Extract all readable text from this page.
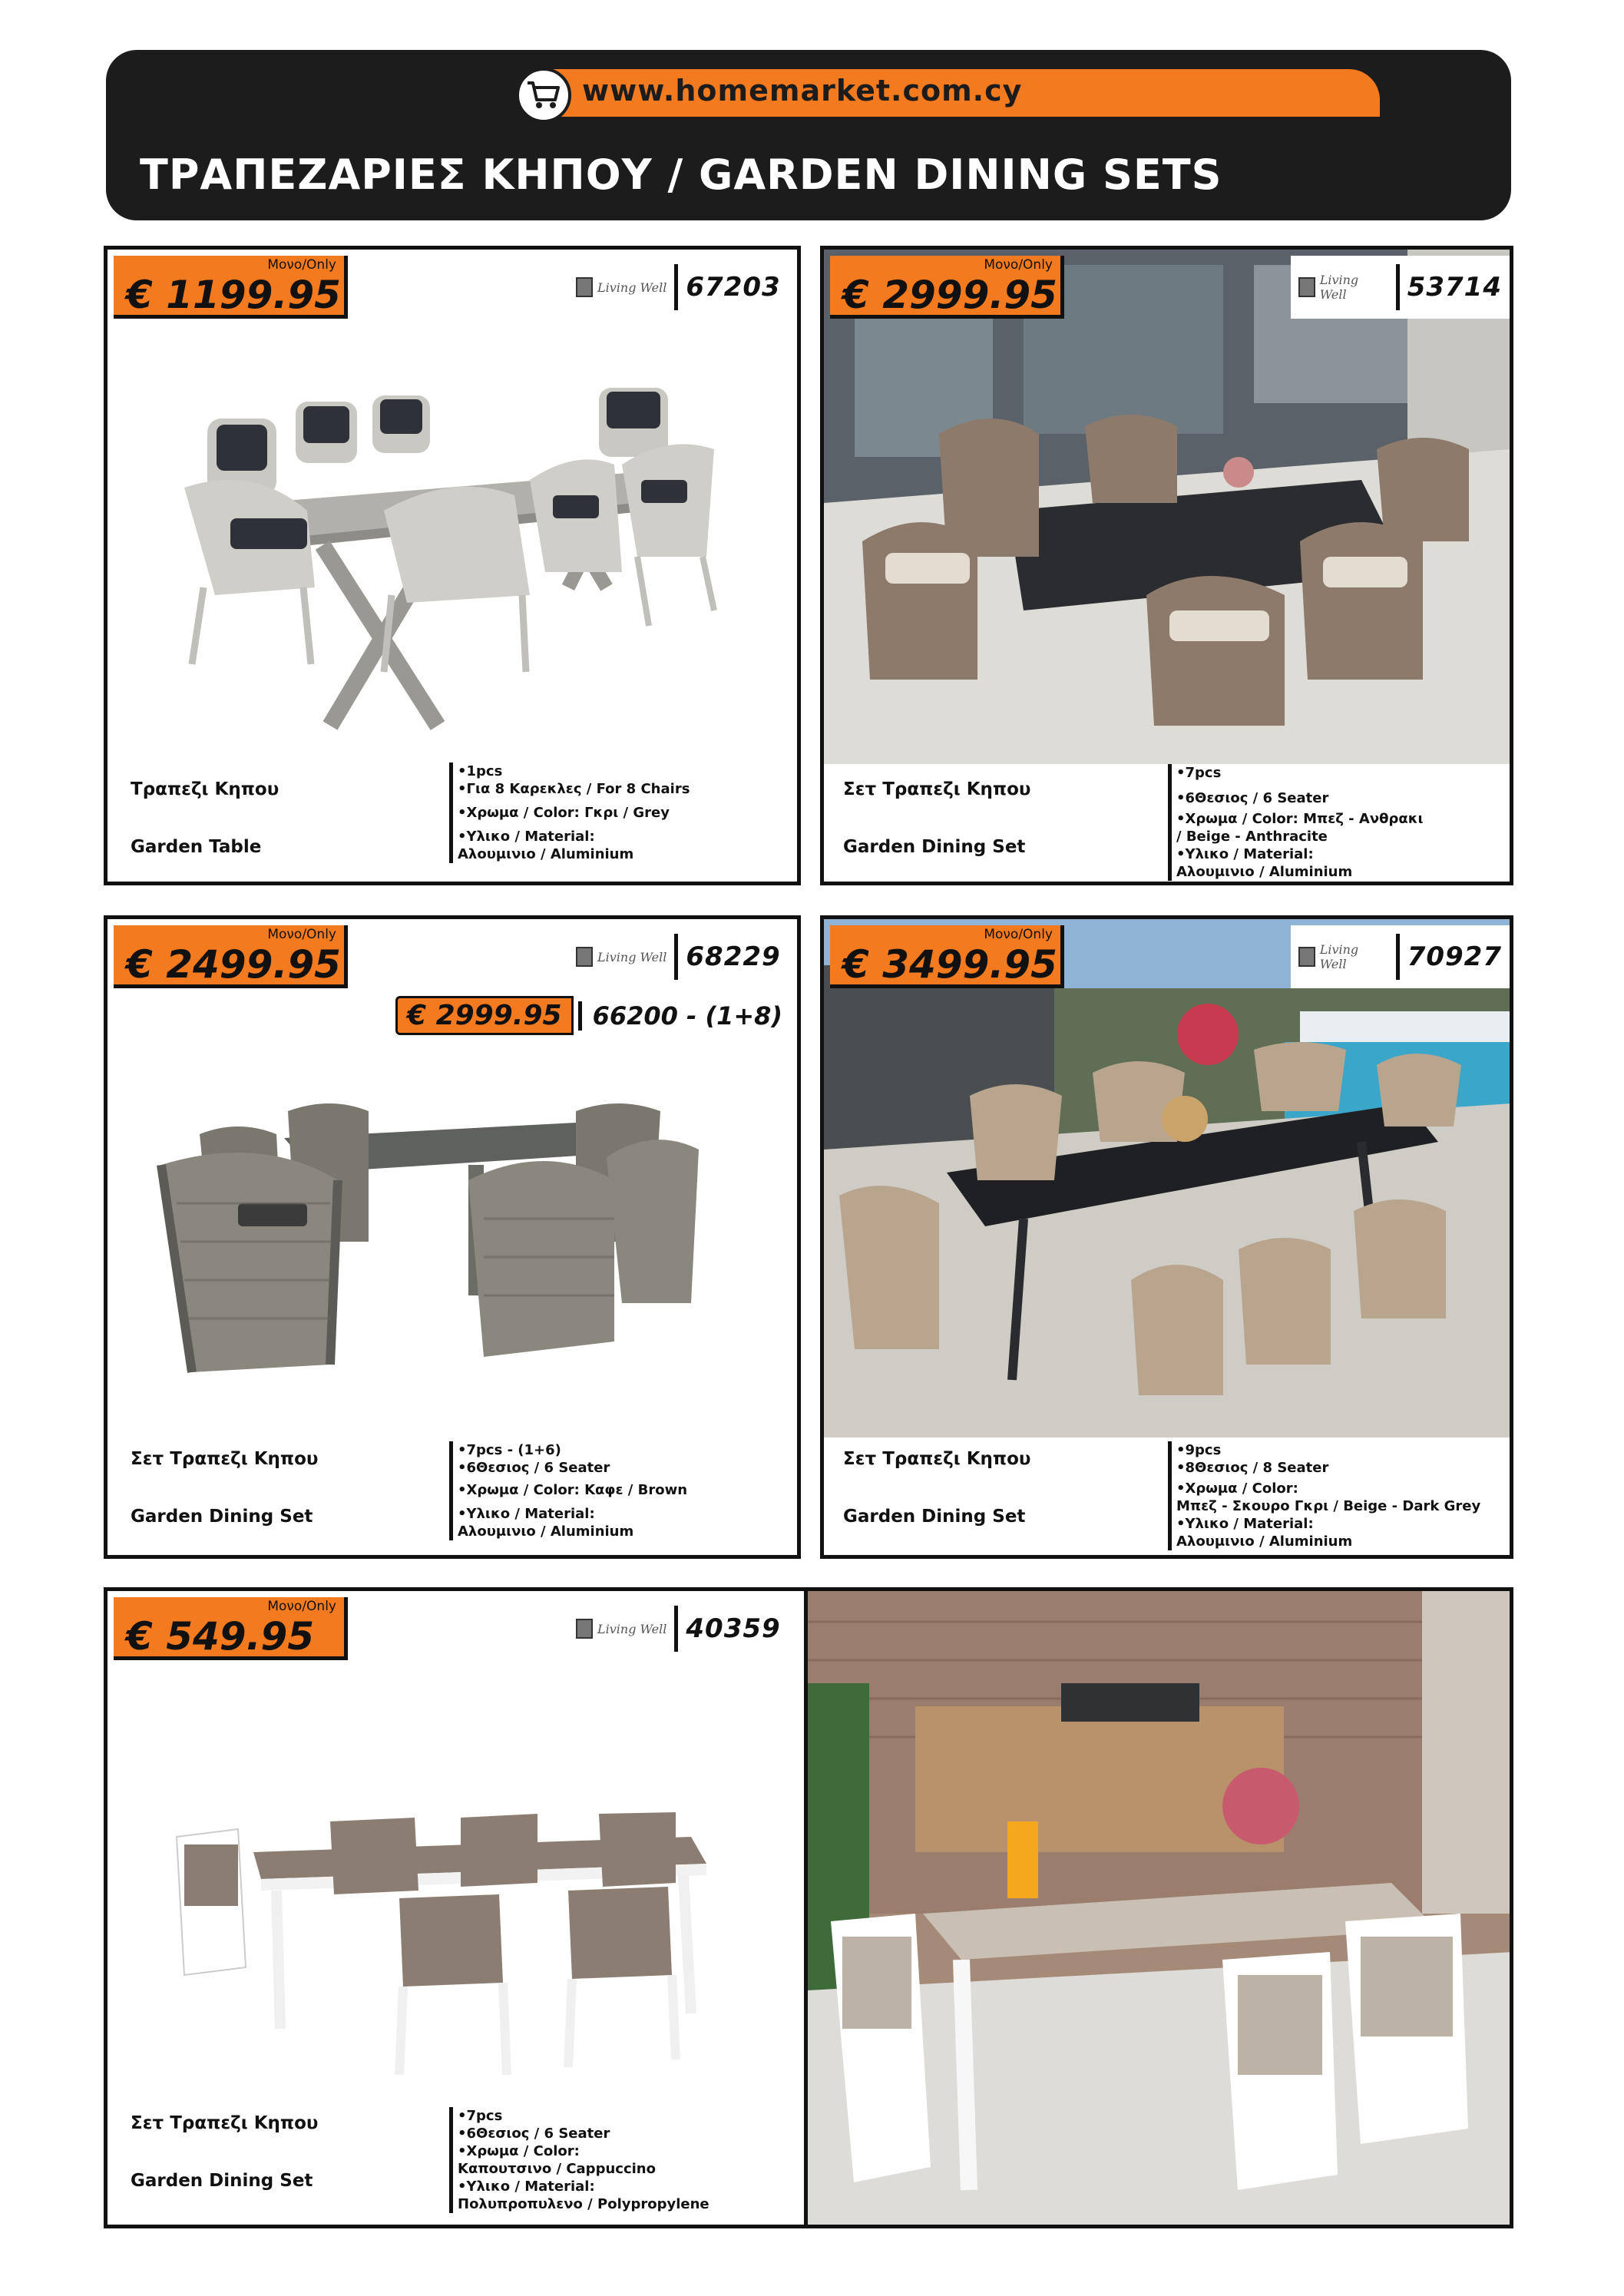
www.homemarket.com.cy
ΤΡΑΠΕΖΑΡΙΕΣ ΚΗΠΟΥ / GARDEN DINING SETS
Μονο/Only
€ 1199.95	Living Well 67203
Τραπεζι Κηπου
Garden Table
•1pcs
•Για 8 Καρεκλες / For 8 Chairs
•Χρωμα / Color: Γκρι / Grey
•Υλικο / Material:
Αλουμινιο / Aluminium
Μονο/Only
€ 2999.95	Living Well	53714
Σετ Τραπεζι Κηπου
Garden Dining Set
•7pcs
•6Θεσιος / 6 Seater
•Χρωμα / Color: Μπεζ - Ανθρακι
/ Beige - Anthracite
•Υλικο / Material:
Αλουμινιο / Aluminium
Μονο/Only
€ 2499.95	Living Well 68229
€ 2999.95	66200 - (1+8)
Σετ Τραπεζι Κηπου
Garden Dining Set
•7pcs - (1+6)
•6Θεσιος / 6 Seater
•Χρωμα / Color: Καφε / Brown
•Υλικο / Material:
Αλουμινιο / Aluminium
Μονο/Only
€ 3499.95	Living Well	70927
Σετ Τραπεζι Κηπου
Garden Dining Set
•9pcs
•8Θεσιος / 8 Seater
•Χρωμα / Color:
Μπεζ - Σκουρο Γκρι / Beige - Dark Grey
•Υλικο / Material:
Αλουμινιο / Aluminium
Μονο/Only
€ 549.95	Living Well 40359
Σετ Τραπεζι Κηπου
Garden Dining Set
•7pcs
•6Θεσιος / 6 Seater
•Χρωμα / Color:
Καπουτσινο / Cappuccino
•Υλικο / Material:
Πολυπροπυλενο / Polypropylene
